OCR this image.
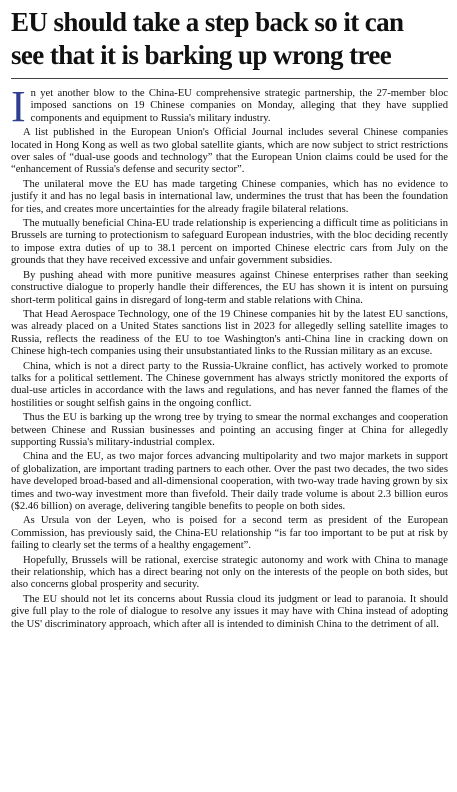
EU should take a step back so it can
see that it is barking up wrong tree

In yet another blow to the China-EU comprehensive strategic partnership, the 27-member bloc imposed sanctions on 19 Chinese companies on Monday, alleging that they have supplied components and equipment to Russia's military industry.

A list published in the European Union's Official Journal includes several Chinese companies located in Hong Kong as well as two global satellite giants, which are now subject to strict restrictions over sales of “dual-use goods and technology” that the European Union claims could be used for the “enhancement of Russia's defense and security sector”.

The unilateral move the EU has made targeting Chinese companies, which has no evidence to justify it and has no legal basis in international law, undermines the trust that has been the foundation for ties, and creates more uncertainties for the already fragile bilateral relations.

The mutually beneficial China-EU trade relationship is experiencing a difficult time as politicians in Brussels are turning to protectionism to safeguard European industries, with the bloc deciding recently to impose extra duties of up to 38.1 percent on imported Chinese electric cars from July on the grounds that they have received excessive and unfair government subsidies.

By pushing ahead with more punitive measures against Chinese enterprises rather than seeking constructive dialogue to properly handle their differences, the EU has shown it is intent on pursuing short-term political gains in disregard of long-term and stable relations with China.

That Head Aerospace Technology, one of the 19 Chinese companies hit by the latest EU sanctions, was already placed on a United States sanctions list in 2023 for allegedly selling satellite images to Russia, reflects the readiness of the EU to toe Washington's anti-China line in cracking down on Chinese high-tech companies using their unsubstantiated links to the Russian military as an excuse.

China, which is not a direct party to the Russia-Ukraine conflict, has actively worked to promote talks for a political settlement. The Chinese government has always strictly monitored the exports of dual-use articles in accordance with the laws and regulations, and has never fanned the flames of the hostilities or sought selfish gains in the ongoing conflict.

Thus the EU is barking up the wrong tree by trying to smear the normal exchanges and cooperation between Chinese and Russian businesses and pointing an accusing finger at China for allegedly supporting Russia's military-industrial complex.

China and the EU, as two major forces advancing multipolarity and two major markets in support of globalization, are important trading partners to each other. Over the past two decades, the two sides have developed broad-based and all-dimensional cooperation, with two-way trade having grown by six times and two-way investment more than fivefold. Their daily trade volume is about 2.3 billion euros ($2.46 billion) on average, delivering tangible benefits to people on both sides.

As Ursula von der Leyen, who is poised for a second term as president of the European Commission, has previously said, the China-EU relationship “is far too important to be put at risk by failing to clearly set the terms of a healthy engagement”.

Hopefully, Brussels will be rational, exercise strategic autonomy and work with China to manage their relationship, which has a direct bearing not only on the interests of the people on both sides, but also concerns global prosperity and security.

The EU should not let its concerns about Russia cloud its judgment or lead to paranoia. It should give full play to the role of dialogue to resolve any issues it may have with China instead of adopting the US' discriminatory approach, which after all is intended to diminish China to the detriment of all.
